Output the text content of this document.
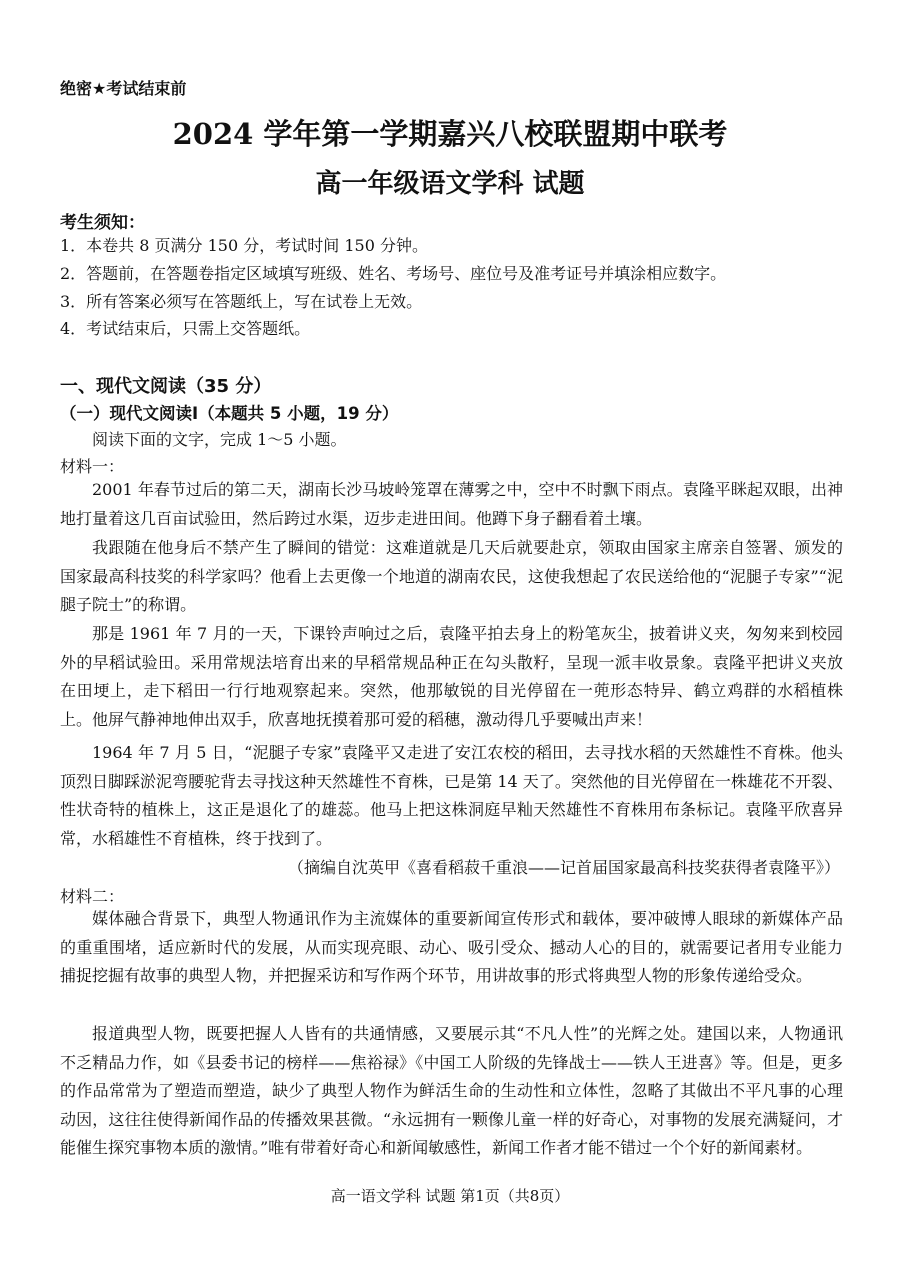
绝密★考试结束前
2024 学年第一学期嘉兴八校联盟期中联考
高一年级语文学科 试题
考生须知：
1．本卷共 8 页满分 150 分，考试时间 150 分钟。
2．答题前，在答题卷指定区域填写班级、姓名、考场号、座位号及准考证号并填涂相应数字。
3．所有答案必须写在答题纸上，写在试卷上无效。
4．考试结束后，只需上交答题纸。
一、现代文阅读（35 分）
（一）现代文阅读Ⅰ（本题共 5 小题，19 分）
阅读下面的文字，完成 1～5 小题。
材料一：
2001 年春节过后的第二天，湖南长沙马坡岭笼罩在薄雾之中，空中不时飘下雨点。袁隆平眯起双眼，出神地打量着这几百亩试验田，然后跨过水渠，迈步走进田间。他蹲下身子翻看着土壤。
我跟随在他身后不禁产生了瞬间的错觉：这难道就是几天后就要赴京，领取由国家主席亲自签署、颁发的国家最高科技奖的科学家吗？他看上去更像一个地道的湖南农民，这使我想起了农民送给他的“泥腿子专家”“泥腿子院士”的称谓。
那是 1961 年 7 月的一天，下课铃声响过之后，袁隆平拍去身上的粉笔灰尘，披着讲义夹，匆匆来到校园外的早稻试验田。采用常规法培育出来的早稻常规品种正在勾头散籽，呈现一派丰收景象。袁隆平把讲义夹放在田埂上，走下稻田一行行地观察起来。突然，他那敏锐的目光停留在一蔸形态特异、鹤立鸡群的水稻植株上。他屏气静神地伸出双手，欣喜地抚摸着那可爱的稻穗，激动得几乎要喊出声来！
1964 年 7 月 5 日，“泥腿子专家”袁隆平又走进了安江农校的稻田，去寻找水稻的天然雄性不育株。他头顶烈日脚踩淤泥弯腰驼背去寻找这种天然雄性不育株，已是第 14 天了。突然他的目光停留在一株雄花不开裂、性状奇特的植株上，这正是退化了的雄蕊。他马上把这株洞庭早籼天然雄性不育株用布条标记。袁隆平欣喜异常，水稻雄性不育植株，终于找到了。
（摘编自沈英甲《喜看稻菽千重浪——记首届国家最高科技奖获得者袁隆平》）
材料二：
媒体融合背景下，典型人物通讯作为主流媒体的重要新闻宣传形式和载体，要冲破博人眼球的新媒体产品的重重围堵，适应新时代的发展，从而实现亮眼、动心、吸引受众、撼动人心的目的，就需要记者用专业能力捕捉挖掘有故事的典型人物，并把握采访和写作两个环节，用讲故事的形式将典型人物的形象传递给受众。
报道典型人物，既要把握人人皆有的共通情感，又要展示其“不凡人性”的光辉之处。建国以来，人物通讯不乏精品力作，如《县委书记的榜样——焦裕禄》《中国工人阶级的先锋战士——铁人王进喜》等。但是，更多的作品常常为了塑造而塑造，缺少了典型人物作为鲜活生命的生动性和立体性，忽略了其做出不平凡事的心理动因，这往往使得新闻作品的传播效果甚微。“永远拥有一颗像儿童一样的好奇心，对事物的发展充满疑问，才能催生探究事物本质的激情。”唯有带着好奇心和新闻敏感性，新闻工作者才能不错过一个个好的新闻素材。
高一语文学科 试题 第1页（共8页）
